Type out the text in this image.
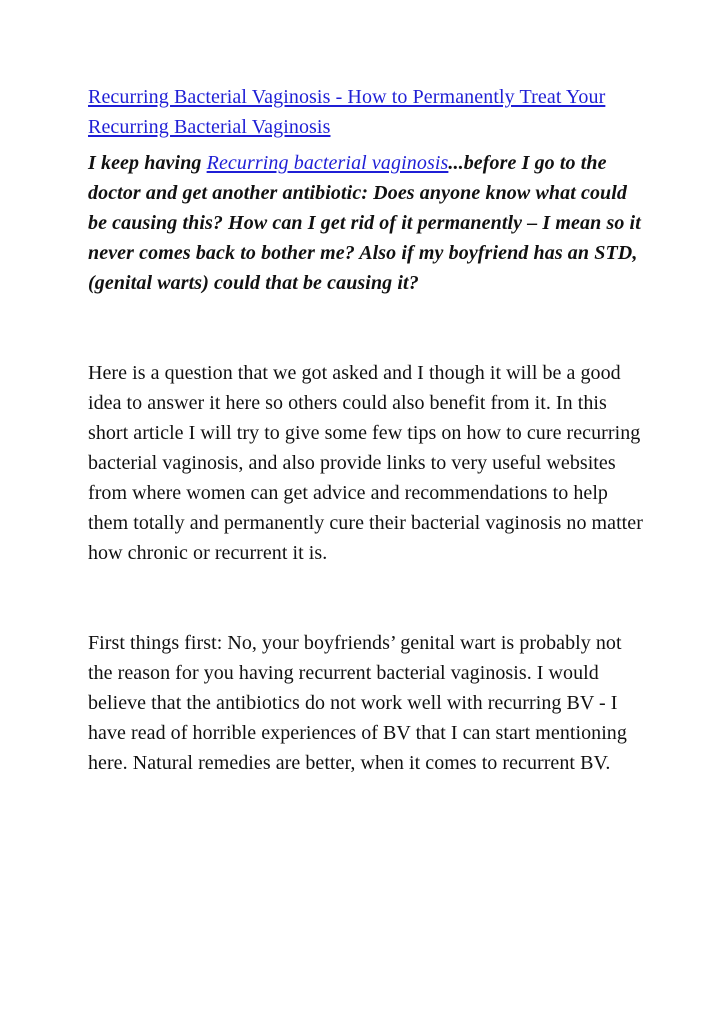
Recurring Bacterial Vaginosis - How to Permanently Treat Your Recurring Bacterial Vaginosis

I keep having Recurring bacterial vaginosis...before I go to the doctor and get another antibiotic: Does anyone know what could be causing this? How can I get rid of it permanently – I mean so it never comes back to bother me? Also if my boyfriend has an STD, (genital warts) could that be causing it?

Here is a question that we got asked and I though it will be a good idea to answer it here so others could also benefit from it. In this short article I will try to give some few tips on how to cure recurring bacterial vaginosis, and also provide links to very useful websites from where women can get advice and recommendations to help them totally and permanently cure their bacterial vaginosis no matter how chronic or recurrent it is.

First things first: No, your boyfriends’ genital wart is probably not the reason for you having recurrent bacterial vaginosis. I would believe that the antibiotics do not work well with recurring BV - I have read of horrible experiences of BV that I can start mentioning here. Natural remedies are better, when it comes to recurrent BV.
